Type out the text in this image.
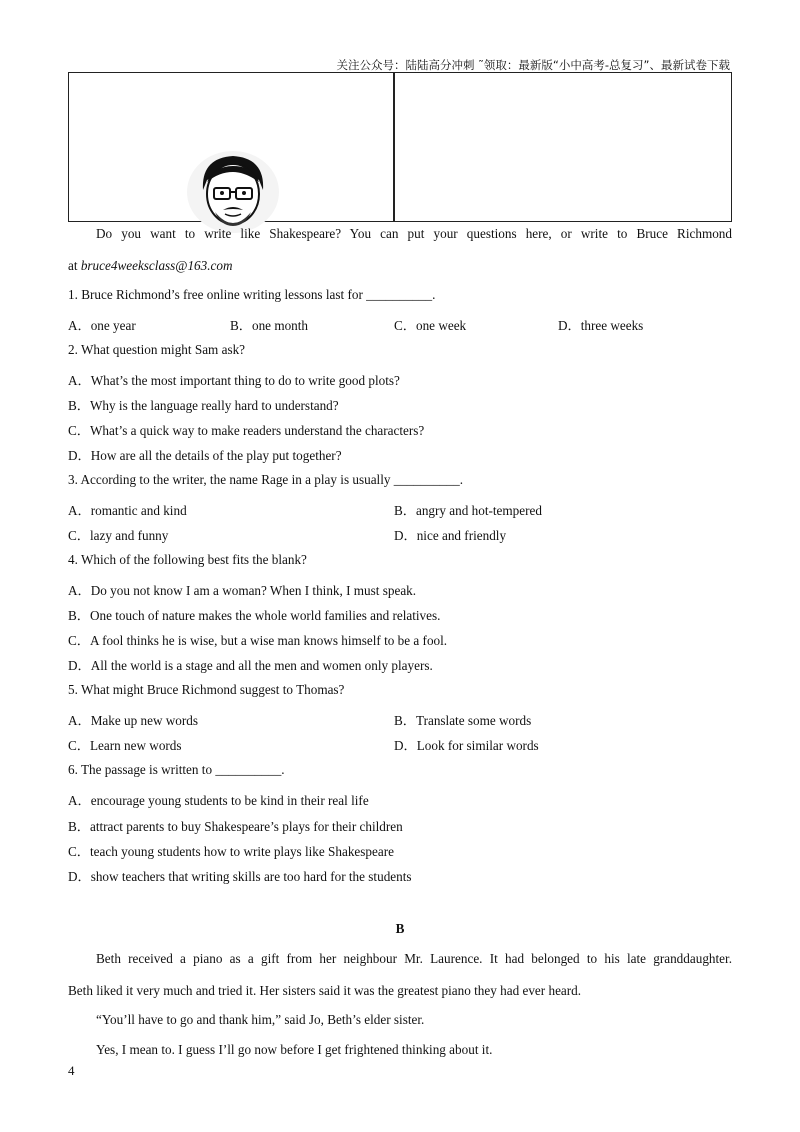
关注公众号：陆陆高分冲刺 ˜领取：最新版“小中高考-总复习”、最新试卷下载
Do you want to write like Shakespeare? You can put your questions here, or write to Bruce Richmond
at bruce4weeksclass@163.com
1. Bruce Richmond’s free online writing lessons last for __________.
A．one year	B．one month	C．one week	D．three weeks
2. What question might Sam ask?
A．What’s the most important thing to do to write good plots?
B．Why is the language really hard to understand?
C．What’s a quick way to make readers understand the characters?
D．How are all the details of the play put together?
3. According to the writer, the name Rage in a play is usually __________.
A．romantic and kind	B．angry and hot-tempered
C．lazy and funny	D．nice and friendly
4. Which of the following best fits the blank?
A．Do you not know I am a woman? When I think, I must speak.
B．One touch of nature makes the whole world families and relatives.
C．A fool thinks he is wise, but a wise man knows himself to be a fool.
D．All the world is a stage and all the men and women only players.
5. What might Bruce Richmond suggest to Thomas?
A．Make up new words	B．Translate some words
C．Learn new words	D．Look for similar words
6. The passage is written to __________.
A．encourage young students to be kind in their real life
B．attract parents to buy Shakespeare’s plays for their children
C．teach young students how to write plays like Shakespeare
D．show teachers that writing skills are too hard for the students
B
Beth received a piano as a gift from her neighbour Mr. Laurence. It had belonged to his late granddaughter.
Beth liked it very much and tried it. Her sisters said it was the greatest piano they had ever heard.
“You’ll have to go and thank him,” said Jo, Beth’s elder sister.
Yes, I mean to. I guess I’ll go now before I get frightened thinking about it.
4
